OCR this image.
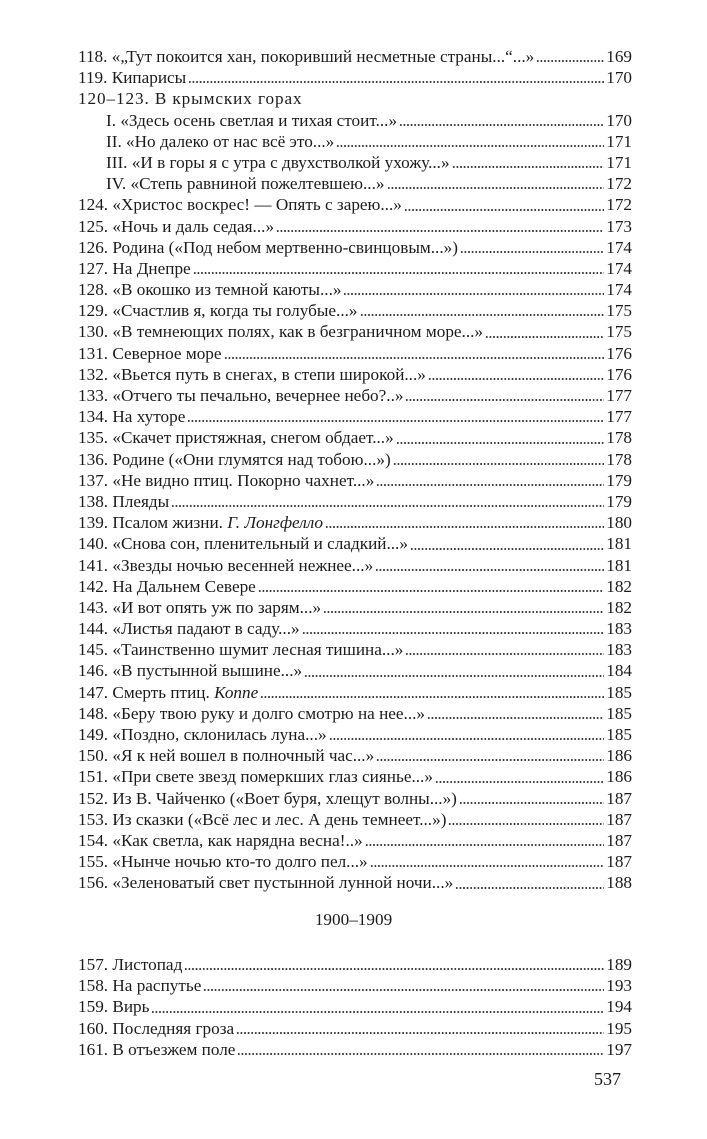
118. «„Тут покоится хан, покоривший несметные страны...“...»	169
119. Кипарисы	170
120–123. В крымских горах
I. «Здесь осень светлая и тихая стоит...»	170
II. «Но далеко от нас всё это...»	171
III. «И в горы я с утра с двухстволкой ухожу...»	171
IV. «Степь равниной пожелтевшею...»	172
124. «Христос воскрес! — Опять с зарею...»	172
125. «Ночь и даль седая...»	173
126. Родина («Под небом мертвенно-свинцовым...»)	174
127. На Днепре	174
128. «В окошко из темной каюты...»	174
129. «Счастлив я, когда ты голубые...»	175
130. «В темнеющих полях, как в безграничном море...»	175
131. Северное море	176
132. «Вьется путь в снегах, в степи широкой...»	176
133. «Отчего ты печально, вечернее небо?..»	177
134. На хуторе	177
135. «Скачет пристяжная, снегом обдает...»	178
136. Родине («Они глумятся над тобою...»)	178
137. «Не видно птиц. Покорно чахнет...»	179
138. Плеяды	179
139. Псалом жизни. Г. Лонгфелло	180
140. «Снова сон, пленительный и сладкий...»	181
141. «Звезды ночью весенней нежнее...»	181
142. На Дальнем Севере	182
143. «И вот опять уж по зарям...»	182
144. «Листья падают в саду...»	183
145. «Таинственно шумит лесная тишина...»	183
146. «В пустынной вышине...»	184
147. Смерть птиц. Коппе	185
148. «Беру твою руку и долго смотрю на нее...»	185
149. «Поздно, склонилась луна...»	185
150. «Я к ней вошел в полночный час...»	186
151. «При свете звезд померкших глаз сиянье...»	186
152. Из В. Чайченко («Воет буря, хлещут волны...»)	187
153. Из сказки («Всё лес и лес. А день темнеет...»)	187
154. «Как светла, как нарядна весна!..»	187
155. «Нынче ночью кто-то долго пел...»	187
156. «Зеленоватый свет пустынной лунной ночи...»	188
1900–1909
157. Листопад	189
158. На распутье	193
159. Вирь	194
160. Последняя гроза	195
161. В отъезжем поле	197
537
